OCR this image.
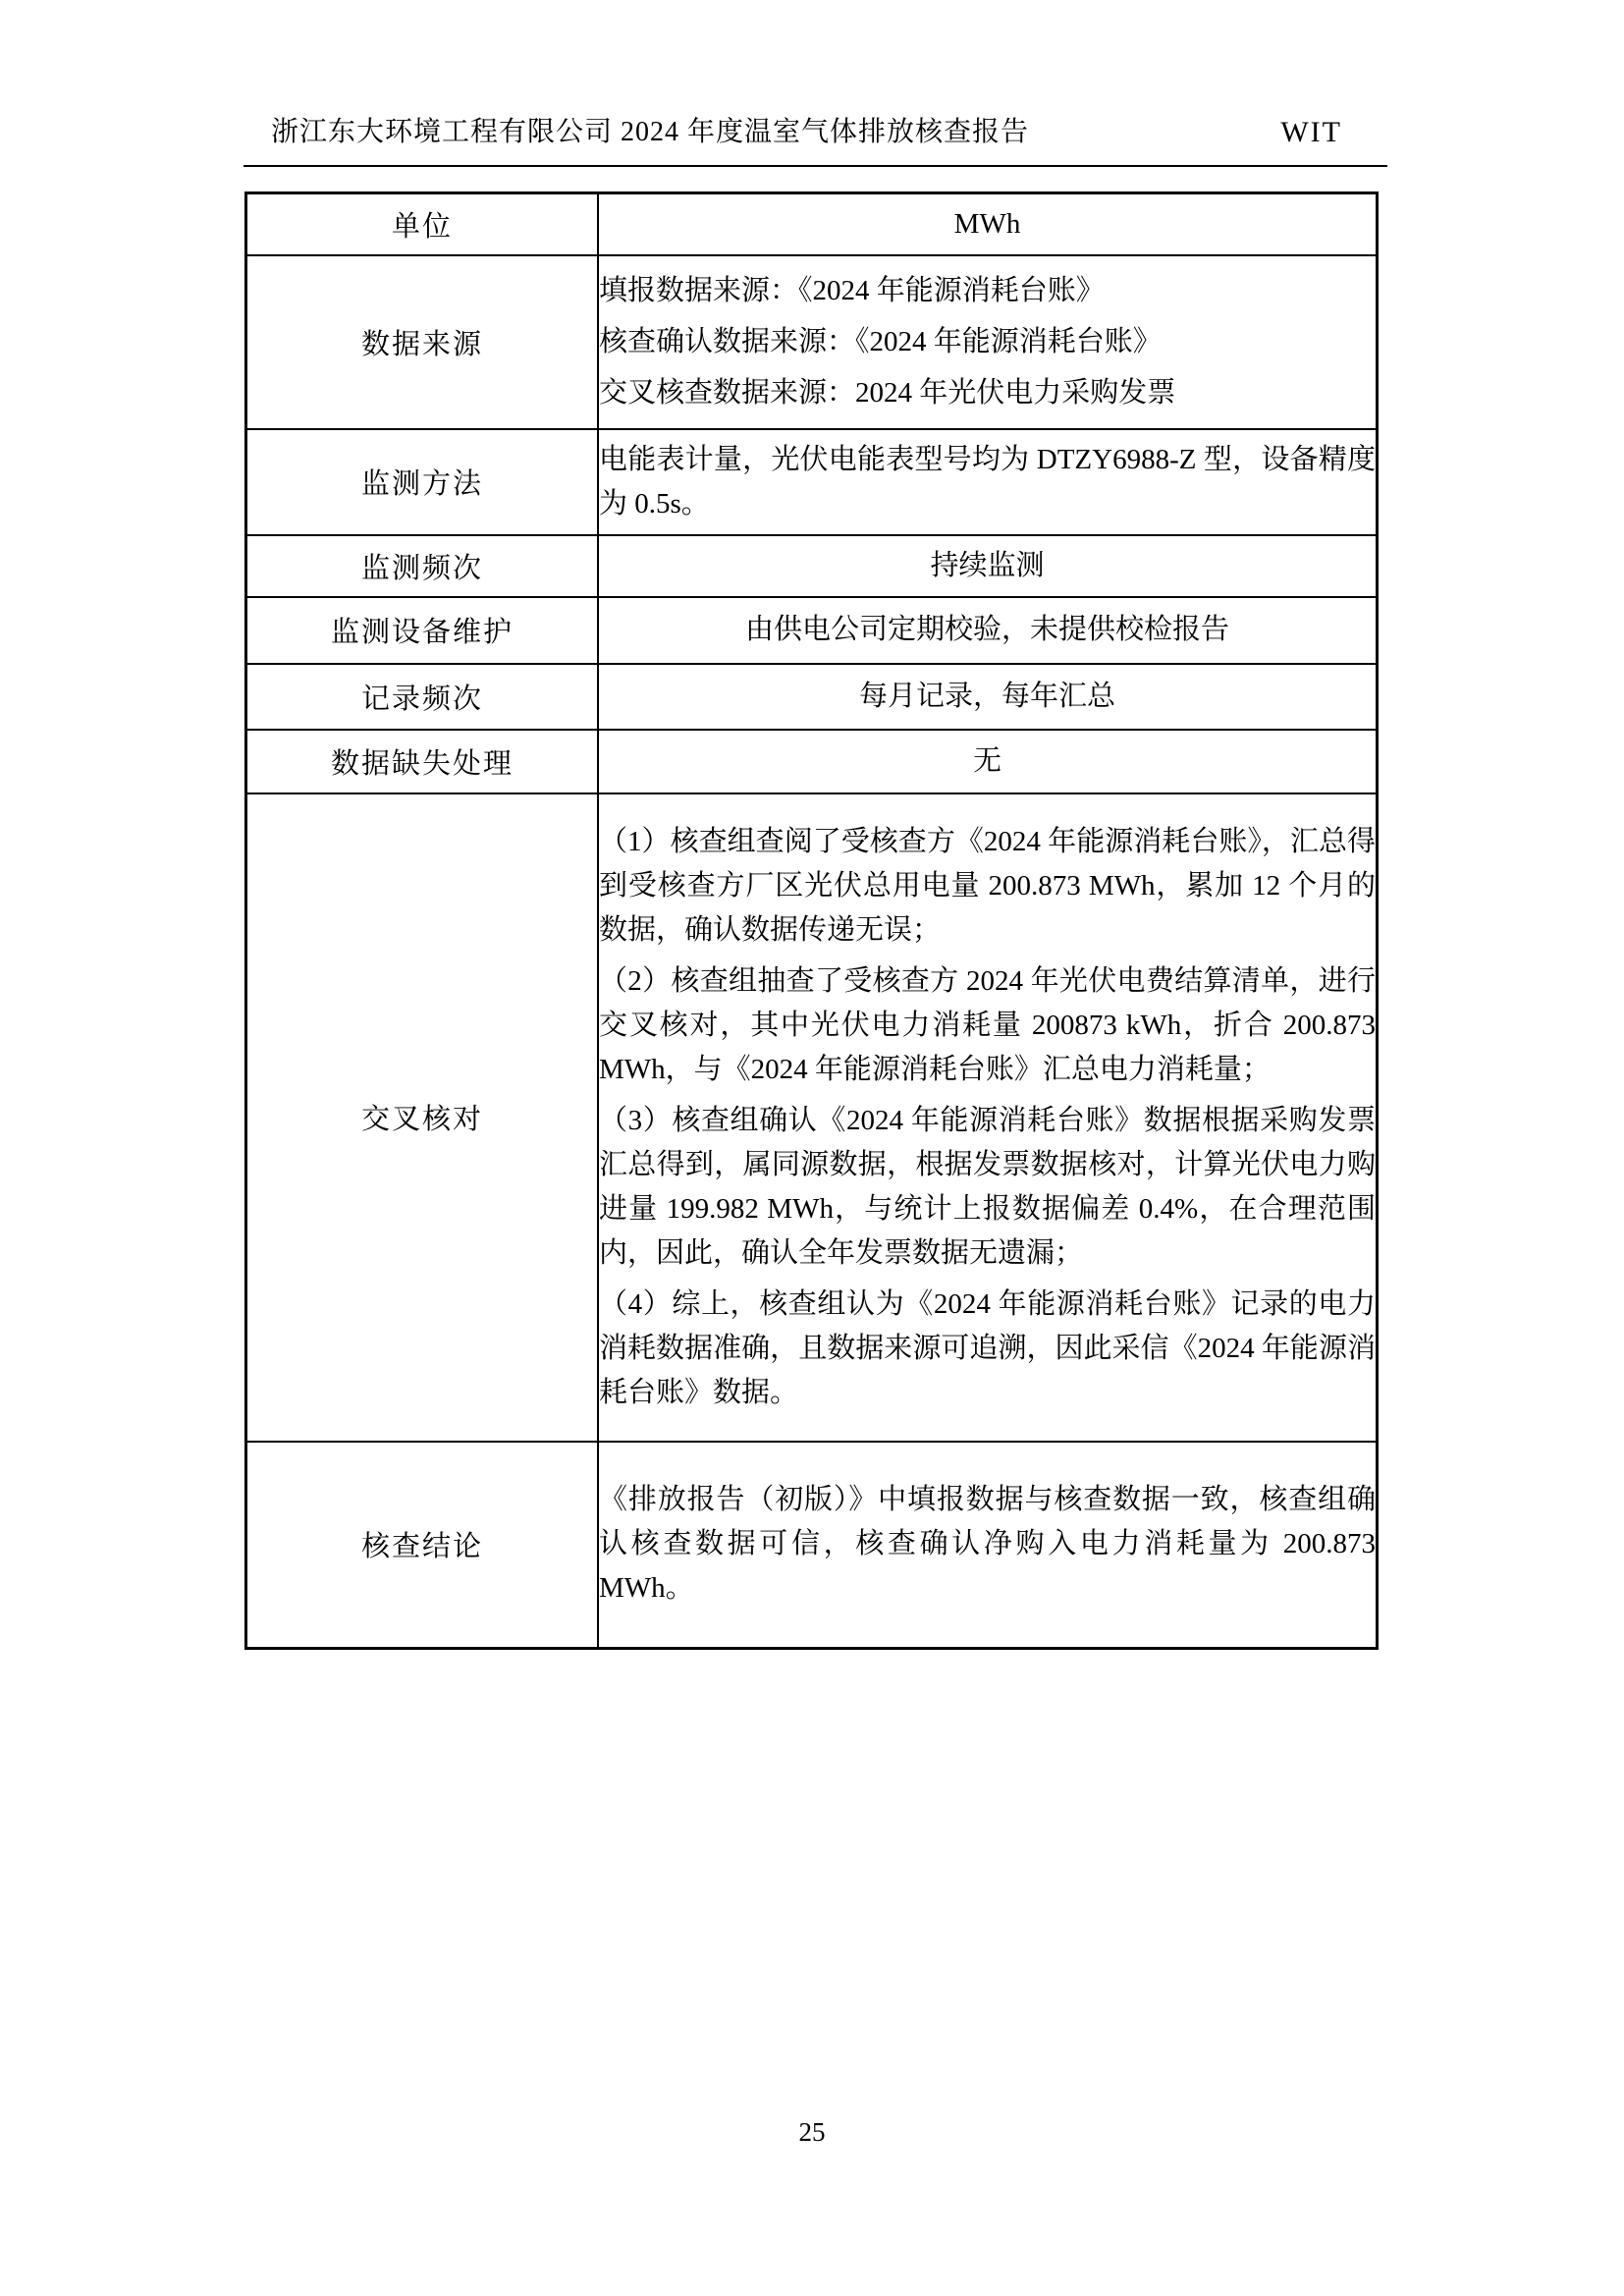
浙江东大环境工程有限公司 2024 年度温室气体排放核查报告	WIT
单位	MWh

数据来源	填报数据来源：《2024 年能源消耗台账》

核查确认数据来源：《2024 年能源消耗台账》

交叉核查数据来源：2024 年光伏电力采购发票

监测方法	电能表计量，光伏电能表型号均为 DTZY6988-Z 型，设备精度为 0.5s。

监测频次	持续监测

监测设备维护	由供电公司定期校验，未提供校检报告

记录频次	每月记录，每年汇总

数据缺失处理	无

交叉核对	（1）核查组查阅了受核查方《2024 年能源消耗台账》，汇总得到受核查方厂区光伏总用电量 200.873 MWh，累加 12 个月的数据，确认数据传递无误；

（2）核查组抽查了受核查方 2024 年光伏电费结算清单，进行交叉核对，其中光伏电力消耗量 200873 kWh，折合 200.873 MWh，与《2024 年能源消耗台账》汇总电力消耗量；

（3）核查组确认《2024 年能源消耗台账》数据根据采购发票汇总得到，属同源数据，根据发票数据核对，计算光伏电力购进量 199.982 MWh，与统计上报数据偏差 0.4%，在合理范围内，因此，确认全年发票数据无遗漏；

（4）综上，核查组认为《2024 年能源消耗台账》记录的电力消耗数据准确，且数据来源可追溯，因此采信《2024 年能源消耗台账》数据。

核查结论	《排放报告（初版）》中填报数据与核查数据一致，核查组确认核查数据可信，核查确认净购入电力消耗量为 200.873 MWh。

25
